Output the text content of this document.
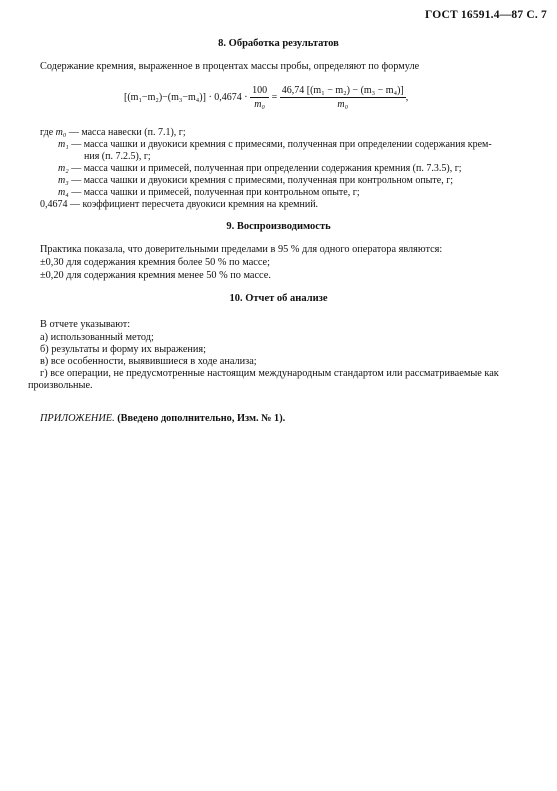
ГОСТ 16591.4—87 С. 7
8. Обработка результатов
Содержание кремния, выраженное в процентах массы пробы, определяют по формуле
$[(m_1-m_2)-(m_3-m_4)] \cdot 0,4674 \cdot \frac{100}{\text{m₀}} = \frac{\text{46,74 [(m₁ − m₂) − (m₃ − m₄)]}}{\text{m₀}}$ ,
где m₀ — масса навески (п. 7.1), г;
m₁ — масса чашки и двуокиси кремния с примесями, полученная при определении содержания крем-
ния (п. 7.2.5), г;
m₂ — масса чашки и примесей, полученная при определении содержания кремния (п. 7.3.5), г;
m₃ — масса чашки и двуокиси кремния с примесями, полученная при контрольном опыте, г;
m₄ — масса чашки и примесей, полученная при контрольном опыте, г;
0,4674 — коэффициент пересчета двуокиси кремния на кремний.
9. Воспроизводимость
Практика показала, что доверительными пределами в 95 % для одного оператора являются:
±0,30 для содержания кремния более 50 % по массе;
±0,20 для содержания кремния менее 50 % по массе.
10. Отчет об анализе
В отчете указывают:
а) использованный метод;
б) результаты и форму их выражения;
в) все особенности, выявившиеся в ходе анализа;
г) все операции, не предусмотренные настоящим международным стандартом или рассматриваемые как
произвольные.
ПРИЛОЖЕНИЕ. (Введено дополнительно, Изм. № 1).
